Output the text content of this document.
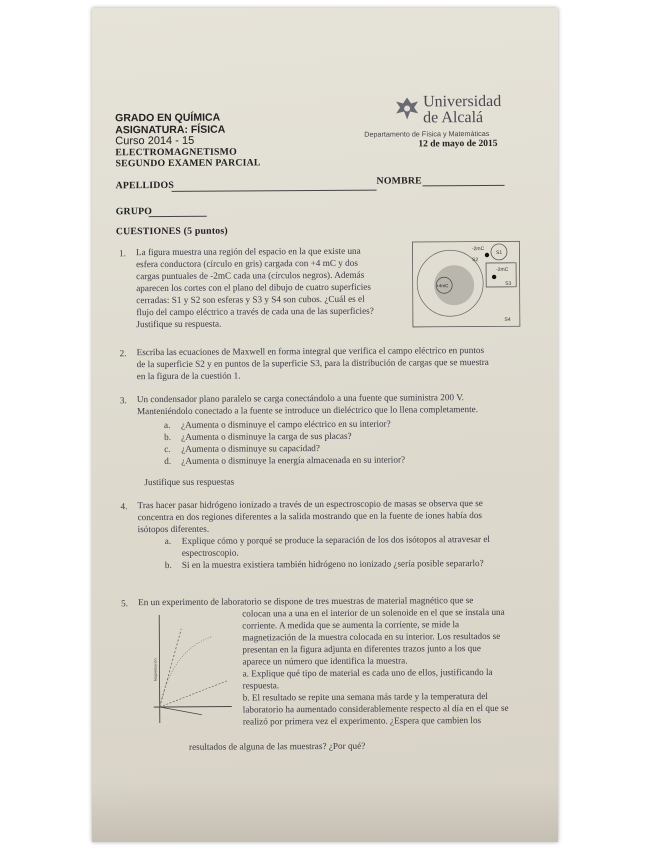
GRADO EN QUÍMICA
ASIGNATURA: FÍSICA
Curso 2014 - 15
ELECTROMAGNETISMO
SEGUNDO EXAMEN PARCIAL
Universidad
de Alcalá
Departamento de Física y Matemáticas
12 de mayo de 2015
APELLIDOS	NOMBRE
GRUPO
CUESTIONES (5 puntos)
1. La figura muestra una región del espacio en la que existe una
esfera conductora (círculo en gris) cargada con +4 mC y dos
cargas puntuales de -2mC cada una (círculos negros). Además
aparecen los cortes con el plano del dibujo de cuatro superficies
cerradas: S1 y S2 son esferas y S3 y S4 son cubos. ¿Cuál es el
flujo del campo eléctrico a través de cada una de las superficies?
Justifique su respuesta.
-2mC
S1
S2
-2mC
S3
S4
+4mC
2. Escriba las ecuaciones de Maxwell en forma integral que verifica el campo eléctrico en puntos
de la superficie S2 y en puntos de la superficie S3, para la distribución de cargas que se muestra
en la figura de la cuestión 1.
3. Un condensador plano paralelo se carga conectándolo a una fuente que suministra 200 V.
Manteniéndolo conectado a la fuente se introduce un dieléctrico que lo llena completamente.
a. ¿Aumenta o disminuye el campo eléctrico en su interior?
b. ¿Aumenta o disminuye la carga de sus placas?
c. ¿Aumenta o disminuye su capacidad?
d. ¿Aumenta o disminuye la energía almacenada en su interior?
Justifique sus respuestas
4. Tras hacer pasar hidrógeno ionizado a través de un espectroscopio de masas se observa que se
concentra en dos regiones diferentes a la salida mostrando que en la fuente de iones había dos
isótopos diferentes.
a. Explique cómo y porqué se produce la separación de los dos isótopos al atravesar el
espectroscopio.
b. Si en la muestra existiera también hidrógeno no ionizado ¿sería posible separarlo?
5. En un experimento de laboratorio se dispone de tres muestras de material magnético que se
colocan una a una en el interior de un solenoide en el que se instala una
corriente. A medida que se aumenta la corriente, se mide la
magnetización de la muestra colocada en su interior. Los resultados se
presentan en la figura adjunta en diferentes trazos junto a los que
aparece un número que identifica la muestra.
a. Explique qué tipo de material es cada uno de ellos, justificando la
respuesta.
b. El resultado se repite una semana más tarde y la temperatura del
laboratorio ha aumentado considerablemente respecto al día en el que se
realizó por primera vez el experimento. ¿Espera que cambien los
resultados de alguna de las muestras? ¿Por qué?
Magnetización
